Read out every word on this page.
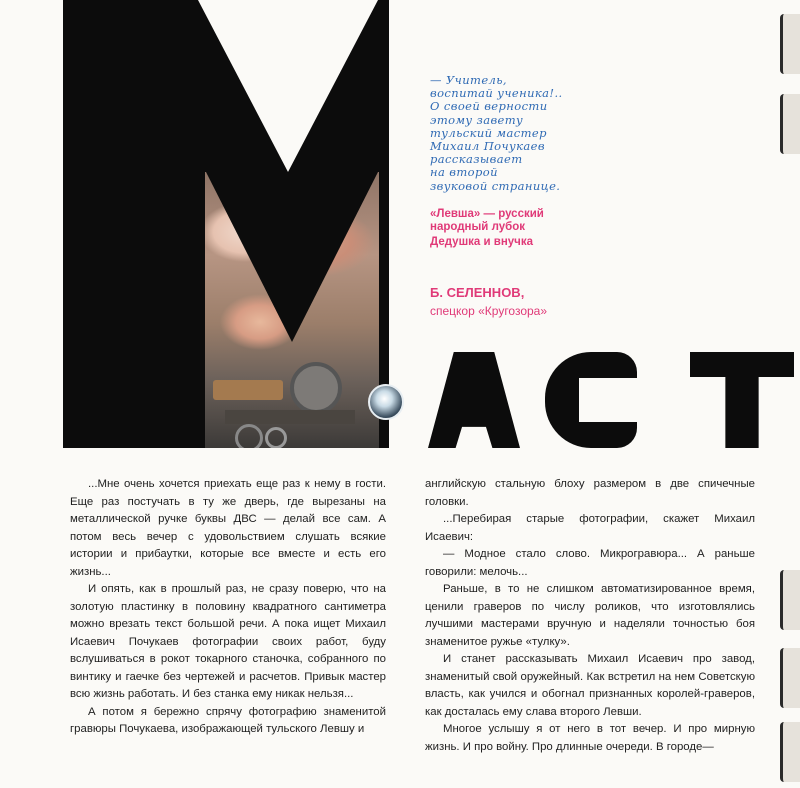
— Учитель,
воспитай ученика!..
О своей верности
этому завету
тульский мастер
Михаил Почукаев
рассказывает
на второй
звуковой странице.
«Левша» — русский народный лубок
Дедушка и внучка
Б. СЕЛЕННОВ,
спецкор «Кругозора»

...Мне очень хочется приехать еще раз к нему в гости. Еще раз постучать в ту же дверь, где вырезаны на металлической ручке буквы ДВС — делай все сам. А потом весь вечер с удовольствием слушать всякие истории и прибаутки, которые все вместе и есть его жизнь...

И опять, как в прошлый раз, не сразу поверю, что на золотую пластинку в половину квадратного сантиметра можно врезать текст большой речи. А пока ищет Михаил Исаевич Почукаев фотографии своих работ, буду вслушиваться в рокот токарного станочка, собранного по винтику и гаечке без чертежей и расчетов. Привык мастер всю жизнь работать. И без станка ему никак нельзя...

А потом я бережно спрячу фотографию знаменитой гравюры Почукаева, изображающей тульского Левшу и

английскую стальную блоху размером в две спичечные головки.

...Перебирая старые фотографии, скажет Михаил Исаевич:

— Модное стало слово. Микрогравюра... А раньше говорили: мелочь...

Раньше, в то не слишком автоматизированное время, ценили граверов по числу роликов, что изготовлялись лучшими мастерами вручную и наделяли точностью боя знаменитое ружье «тулку».

И станет рассказывать Михаил Исаевич про завод, знаменитый свой оружейный. Как встретил на нем Советскую власть, как учился и обогнал признанных королей-граверов, как досталась ему слава второго Левши.

Многое услышу я от него в тот вечер. И про мирную жизнь. И про войну. Про длинные очереди. В городе—
